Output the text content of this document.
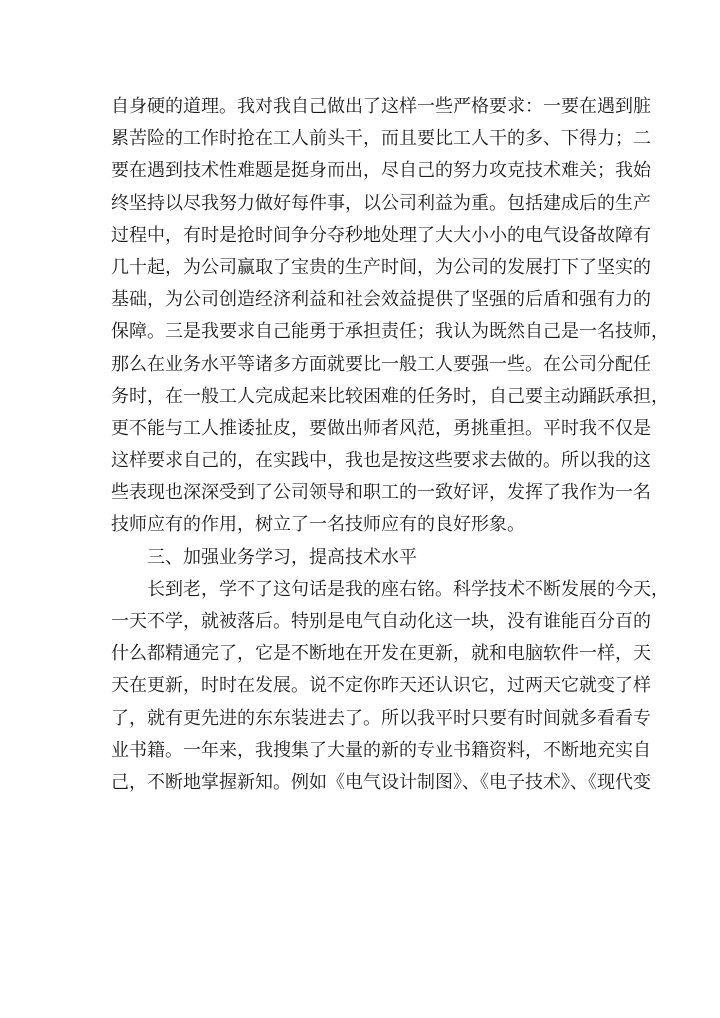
自身硬的道理。我对我自己做出了这样一些严格要求：一要在遇到脏
累苦险的工作时抢在工人前头干，而且要比工人干的多、下得力；二
要在遇到技术性难题是挺身而出，尽自己的努力攻克技术难关；我始
终坚持以尽我努力做好每件事，以公司利益为重。包括建成后的生产
过程中，有时是抢时间争分夺秒地处理了大大小小的电气设备故障有
几十起，为公司赢取了宝贵的生产时间，为公司的发展打下了坚实的
基础，为公司创造经济利益和社会效益提供了坚强的后盾和强有力的
保障。三是我要求自己能勇于承担责任；我认为既然自己是一名技师，
那么在业务水平等诸多方面就要比一般工人要强一些。在公司分配任
务时，在一般工人完成起来比较困难的任务时，自己要主动踊跃承担，
更不能与工人推诿扯皮，要做出师者风范，勇挑重担。平时我不仅是
这样要求自己的，在实践中，我也是按这些要求去做的。所以我的这
些表现也深深受到了公司领导和职工的一致好评，发挥了我作为一名
技师应有的作用，树立了一名技师应有的良好形象。
三、加强业务学习，提高技术水平
长到老，学不了这句话是我的座右铭。科学技术不断发展的今天，
一天不学，就被落后。特别是电气自动化这一块，没有谁能百分百的
什么都精通完了，它是不断地在开发在更新，就和电脑软件一样，天
天在更新，时时在发展。说不定你昨天还认识它，过两天它就变了样
了，就有更先进的东东装进去了。所以我平时只要有时间就多看看专
业书籍。一年来，我搜集了大量的新的专业书籍资料，不断地充实自
己，不断地掌握新知。例如《电气设计制图》、《电子技术》、《现代变
